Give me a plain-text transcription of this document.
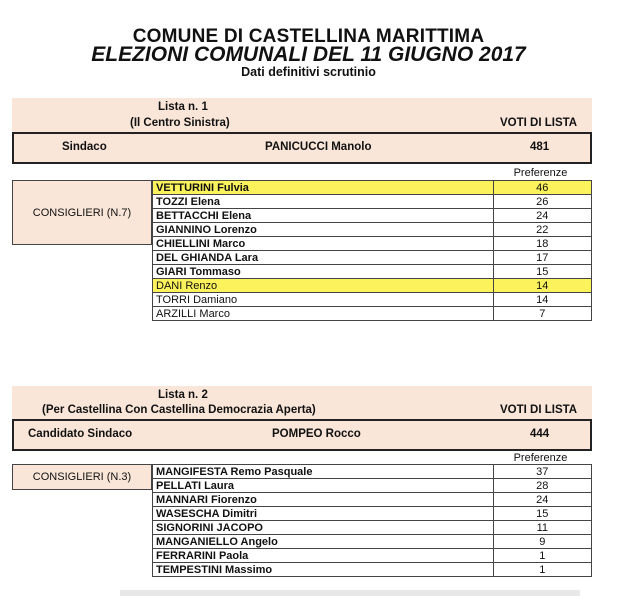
COMUNE DI CASTELLINA MARITTIMA
ELEZIONI COMUNALI DEL 11 GIUGNO 2017
Dati definitivi scrutinio
Lista n. 1
(Il Centro Sinistra)	VOTI DI LISTA
Sindaco	PANICUCCI Manolo	481
Preferenze
CONSIGLIERI (N.7)
VETTURINI Fulvia	46
TOZZI Elena	26
BETTACCHI Elena	24
GIANNINO Lorenzo	22
CHIELLINI Marco	18
DEL GHIANDA Lara	17
GIARI Tommaso	15
DANI Renzo	14
TORRI Damiano	14
ARZILLI Marco	7
Lista n. 2
(Per Castellina Con Castellina Democrazia Aperta)	VOTI DI LISTA
Candidato Sindaco	POMPEO Rocco	444
Preferenze
CONSIGLIERI (N.3)	MANGIFESTA Remo Pasquale	37
PELLATI Laura	28
MANNARI Fiorenzo	24
WASESCHA Dimitri	15
SIGNORINI JACOPO	11
MANGANIELLO Angelo	9
FERRARINI Paola	1
TEMPESTINI Massimo	1
